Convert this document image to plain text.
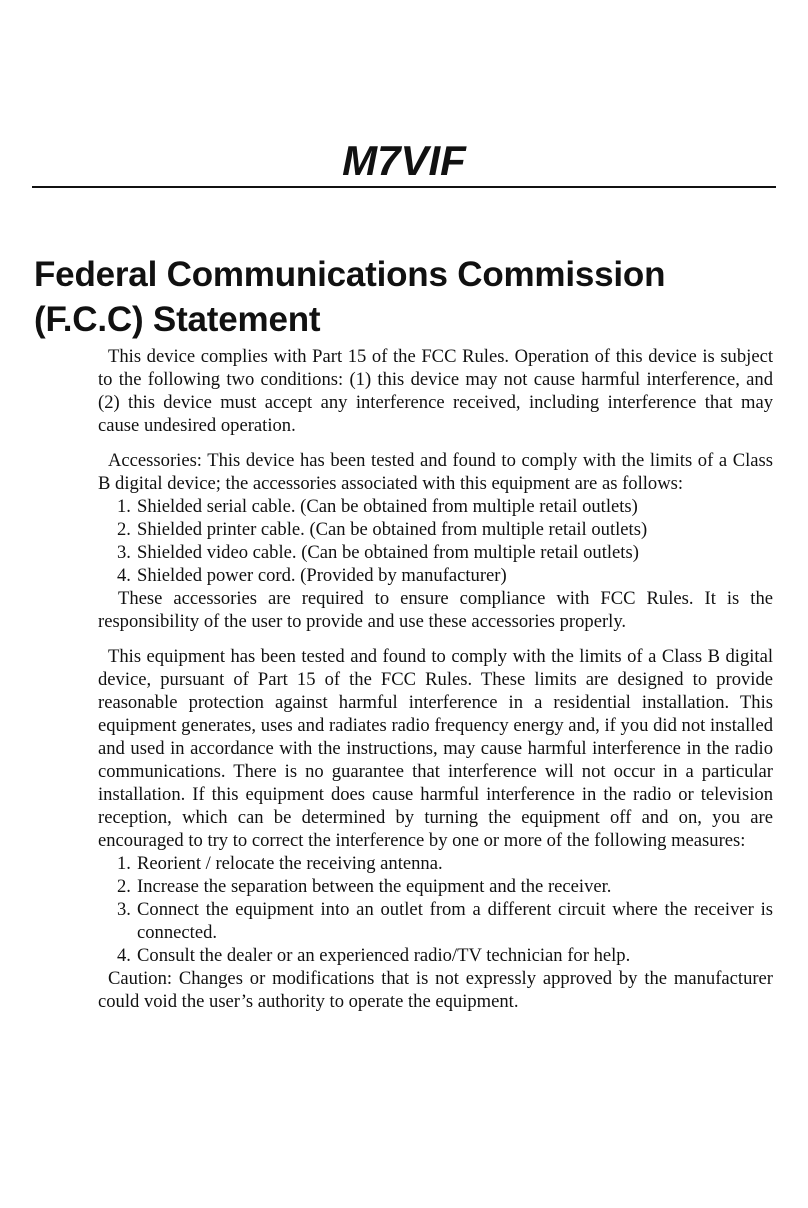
M7VIF
Federal Communications Commission
(F.C.C) Statement

This device complies with Part 15 of the FCC Rules. Operation of this device is subject to the following two conditions: (1) this device may not cause harmful interference, and (2) this device must accept any interference received, including interference that may cause undesired operation.

Accessories: This device has been tested and found to comply with the limits of a Class B digital device; the accessories associated with this equipment are as follows:

1. Shielded serial cable. (Can be obtained from multiple retail outlets)
2. Shielded printer cable. (Can be obtained from multiple retail outlets)
3. Shielded video cable. (Can be obtained from multiple retail outlets)
4. Shielded power cord. (Provided by manufacturer)

These accessories are required to ensure compliance with FCC Rules. It is the responsibility of the user to provide and use these accessories properly.

This equipment has been tested and found to comply with the limits of a Class B digital device, pursuant of Part 15 of the FCC Rules. These limits are designed to provide reasonable protection against harmful interference in a residential installation. This equipment generates, uses and radiates radio frequency energy and, if you did not installed and used in accordance with the instructions, may cause harmful interference in the radio communications. There is no guarantee that interference will not occur in a particular installation. If this equipment does cause harmful interference in the radio or television reception, which can be determined by turning the equipment off and on, you are encouraged to try to correct the interference by one or more of the following measures:

1. Reorient / relocate the receiving antenna.
2. Increase the separation between the equipment and the receiver.
3. Connect the equipment into an outlet from a different circuit where the receiver is connected.
4. Consult the dealer or an experienced radio/TV technician for help.

Caution: Changes or modifications that is not expressly approved by the manufacturer could void the user’s authority to operate the equipment.
